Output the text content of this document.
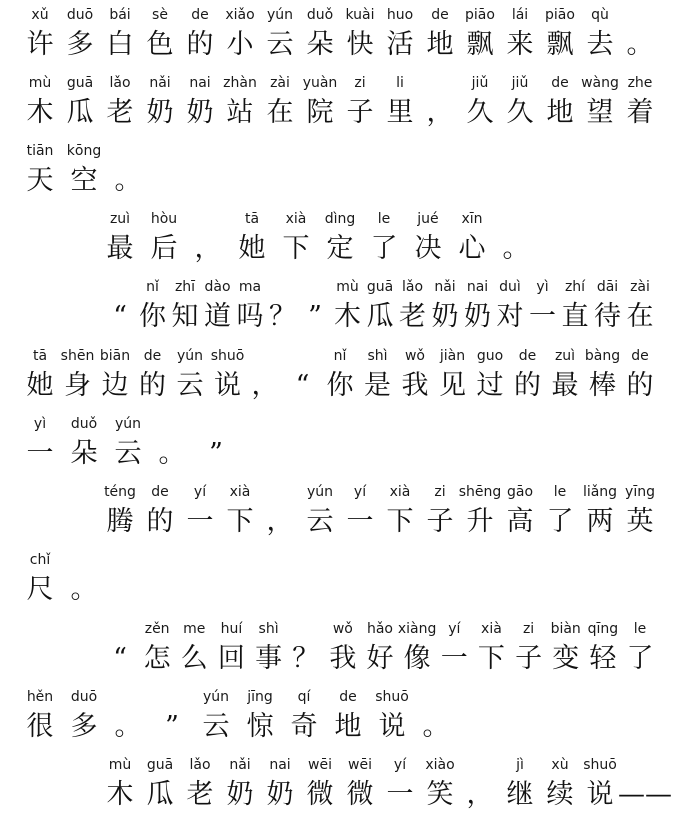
xǔ
许
duō
多
bái
白
sè
色
de
的
xiǎo
小
yún
云
duǒ
朵
kuài
快
huo
活
de
地
piāo
飘
lái
来
piāo
飘
qù
去 。
mù
木
guā
瓜
lǎo
老
nǎi
奶
nai
奶
zhàn
站
zài
在
yuàn
院
zi
子
li
里 ，
jiǔ
久
jiǔ
久
de
地
wàng
望
zhe
着
tiān
天
kōng
空 。
zuì
最
hòu
后 ，
tā
她
xià
下
dìng
定
le
了
jué
决
xīn
心 。
“
nǐ
你
zhī
知
dào
道
ma
吗 ？ ”
mù
木
guā
瓜
lǎo
老
nǎi
奶
nai
奶
duì
对
yì
一
zhí
直
dāi
待
zài
在
tā
她
shēn
身
biān
边
de
的
yún
云
shuō
说 ， “
nǐ
你
shì
是
wǒ
我
jiàn
见
guo
过
de
的
zuì
最
bàng
棒
de
的
yì
一
duǒ
朵
yún
云 。 ”
téng
腾
de
的
yí
一
xià
下 ，
yún
云
yí
一
xià
下
zi
子
shēng
升
gāo
高
le
了
liǎng
两
yīng
英
chǐ
尺 。
“
zěn
怎
me
么
huí
回
shì
事 ？
wǒ
我
hǎo
好
xiàng
像
yí
一
xià
下
zi
子
biàn
变
qīng
轻
le
了
hěn
很
duō
多 。 ”
yún
云
jīng
惊
qí
奇
de
地
shuō
说 。
mù
木
guā
瓜
lǎo
老
nǎi
奶
nai
奶
wēi
微
wēi
微
yí
一
xiào
笑 ，
jì
继
xù
续
shuō
说 ——
